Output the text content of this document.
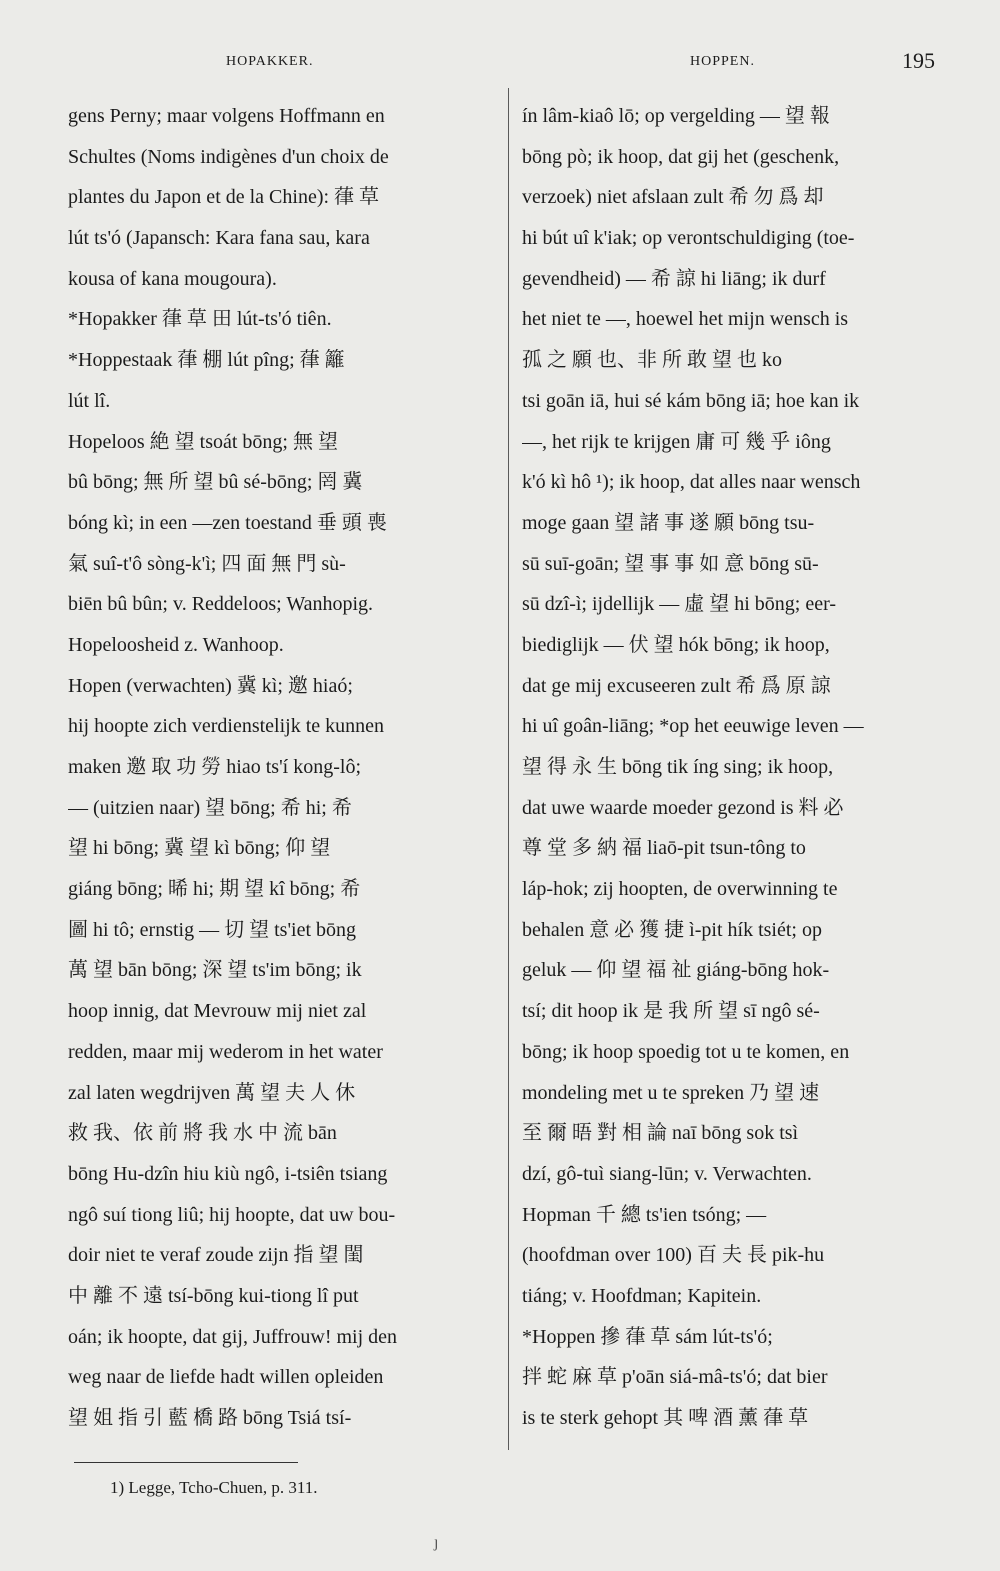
HOPAKKER.	HOPPEN.	195
gens Perny; maar volgens Hoffmann en
Schultes (Noms indigènes d'un choix de
plantes du Japon et de la Chine): 葎 草
lút ts'ó (Japansch: Kara fana sau, kara
kousa of kana mougoura).
*Hopakker 葎 草 田 lút-ts'ó tiên.
*Hoppestaak 葎 棚 lút pîng; 葎 籬
lút lî.
Hopeloos 絶 望 tsoát bōng; 無 望
bû bōng; 無 所 望 bû sé-bōng; 罔 冀
bóng kì; in een —zen toestand 垂 頭 喪
氣 suî-t'ô sòng-k'ì; 四 面 無 門 sù-
biēn bû bûn; v. Reddeloos; Wanhopig.
Hopeloosheid z. Wanhoop.
Hopen (verwachten) 冀 kì; 邀 hiaó;
hij hoopte zich verdienstelijk te kunnen
maken 邀 取 功 勞 hiao ts'í kong-lô;
— (uitzien naar) 望 bōng; 希 hi; 希
望 hi bōng; 冀 望 kì bōng; 仰 望
giáng bōng; 晞 hi; 期 望 kî bōng; 希
圖 hi tô; ernstig — 切 望 ts'iet bōng
萬 望 bān bōng; 深 望 ts'im bōng; ik
hoop innig, dat Mevrouw mij niet zal
redden, maar mij wederom in het water
zal laten wegdrijven 萬 望 夫 人 休
救 我、依 前 將 我 水 中 流 bān
bōng Hu-dzîn hiu kiù ngô, i-tsiên tsiang
ngô suí tiong liû; hij hoopte, dat uw bou-
doir niet te veraf zoude zijn 指 望 閨
中 離 不 遠 tsí-bōng kui-tiong lî put
oán; ik hoopte, dat gij, Juffrouw! mij den
weg naar de liefde hadt willen opleiden
望 姐 指 引 藍 橋 路 bōng Tsiá tsí-
ín lâm-kiaô lō; op vergelding — 望 報
bōng pò; ik hoop, dat gij het (geschenk,
verzoek) niet afslaan zult 希 勿 爲 却
hi bút uî k'iak; op verontschuldiging (toe-
gevendheid) — 希 諒 hi liāng; ik durf
het niet te —, hoewel het mijn wensch is
孤 之 願 也、非 所 敢 望 也 ko
tsi goān iā, hui sé kám bōng iā; hoe kan ik
—, het rijk te krijgen 庸 可 幾 乎 iông
k'ó kì hô ¹); ik hoop, dat alles naar wensch
moge gaan 望 諸 事 遂 願 bōng tsu-
sū suī-goān; 望 事 事 如 意 bōng sū-
sū dzî-ì; ijdellijk — 虛 望 hi bōng; eer-
biediglijk — 伏 望 hók bōng; ik hoop,
dat ge mij excuseeren zult 希 爲 原 諒
hi uî goân-liāng; *op het eeuwige leven —
望 得 永 生 bōng tik íng sing; ik hoop,
dat uwe waarde moeder gezond is 料 必
尊 堂 多 納 福 liaō-pit tsun-tông to
láp-hok; zij hoopten, de overwinning te
behalen 意 必 獲 捷 ì-pit hík tsiét; op
geluk — 仰 望 福 祉 giáng-bōng hok-
tsí; dit hoop ik 是 我 所 望 sī ngô sé-
bōng; ik hoop spoedig tot u te komen, en
mondeling met u te spreken 乃 望 速
至 爾 晤 對 相 論 naī bōng sok tsì
dzí, gô-tuì siang-lūn; v. Verwachten.
Hopman 千 總 ts'ien tsóng; —
(hoofdman over 100) 百 夫 長 pik-hu
tiáng; v. Hoofdman; Kapitein.
*Hoppen 摻 葎 草 sám lút-ts'ó;
拌 蛇 麻 草 p'oān siá-mâ-ts'ó; dat bier
is te sterk gehopt 其 啤 酒 薰 葎 草
1) Legge, Tcho-Chuen, p. 311.
ȷ
